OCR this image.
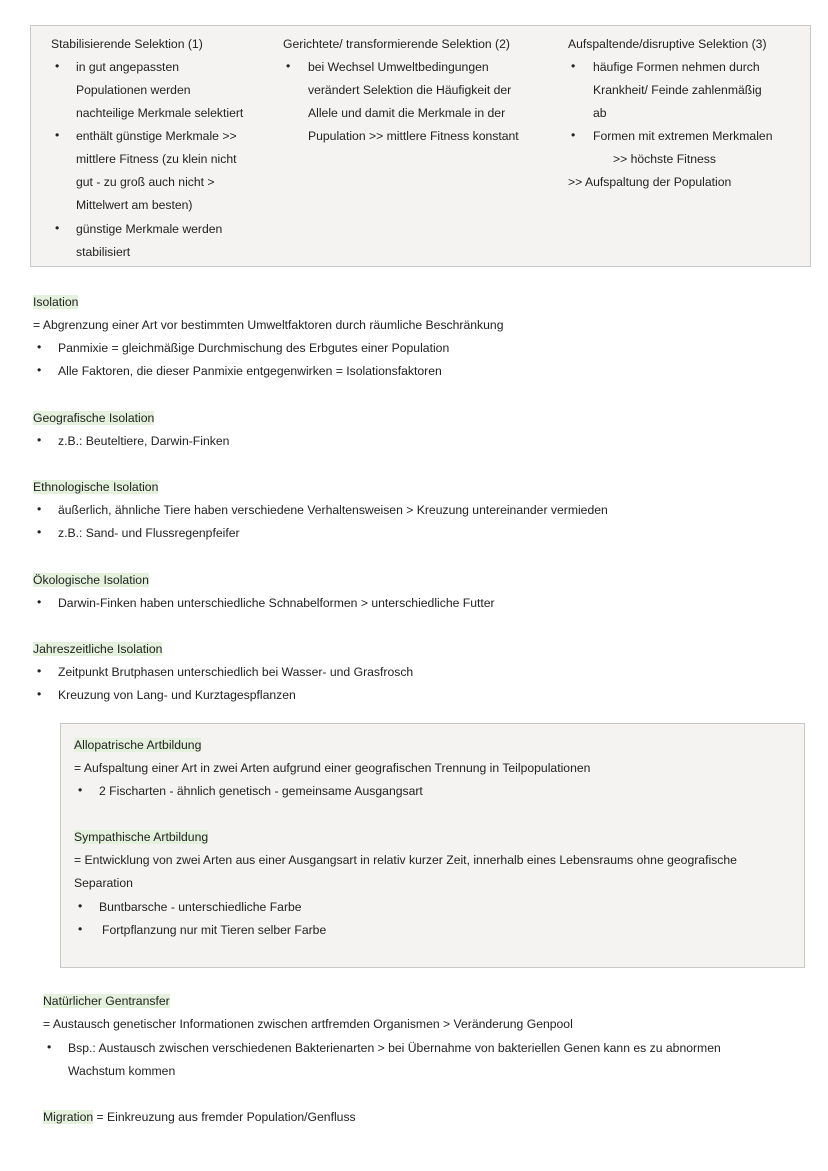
Stabilisierende Selektion (1)
• in gut angepassten
Populationen werden
nachteilige Merkmale selektiert
• enthält günstige Merkmale >>
mittlere Fitness (zu klein nicht
gut - zu groß auch nicht >
Mittelwert am besten)
• günstige Merkmale werden
stabilisiert
Gerichtete/ transformierende Selektion (2)
• bei Wechsel Umweltbedingungen
verändert Selektion die Häufigkeit der
Allele und damit die Merkmale in der
Pupulation >> mittlere Fitness konstant
Aufspaltende/disruptive Selektion (3)
• häufige Formen nehmen durch
Krankheit/ Feinde zahlenmäßig
ab
• Formen mit extremen Merkmalen
>> höchste Fitness
>> Aufspaltung der Population
Isolation
= Abgrenzung einer Art vor bestimmten Umweltfaktoren durch räumliche Beschränkung
• Panmixie = gleichmäßige Durchmischung des Erbgutes einer Population
• Alle Faktoren, die dieser Panmixie entgegenwirken = Isolationsfaktoren
Geografische Isolation
• z.B.: Beuteltiere, Darwin-Finken
Ethnologische Isolation
• äußerlich, ähnliche Tiere haben verschiedene Verhaltensweisen > Kreuzung untereinander vermieden
• z.B.: Sand- und Flussregenpfeifer
Ökologische Isolation
• Darwin-Finken haben unterschiedliche Schnabelformen > unterschiedliche Futter
Jahreszeitliche Isolation
• Zeitpunkt Brutphasen unterschiedlich bei Wasser- und Grasfrosch
• Kreuzung von Lang- und Kurztagespflanzen
Allopatrische Artbildung
= Aufspaltung einer Art in zwei Arten aufgrund einer geografischen Trennung in Teilpopulationen
• 2 Fischarten - ähnlich genetisch - gemeinsame Ausgangsart
Sympathische Artbildung
= Entwicklung von zwei Arten aus einer Ausgangsart in relativ kurzer Zeit, innerhalb eines Lebensraums ohne geografische
Separation
• Buntbarsche - unterschiedliche Farbe
• Fortpflanzung nur mit Tieren selber Farbe
Natürlicher Gentransfer
= Austausch genetischer Informationen zwischen artfremden Organismen > Veränderung Genpool
• Bsp.: Austausch zwischen verschiedenen Bakterienarten > bei Übernahme von bakteriellen Genen kann es zu abnormen
Wachstum kommen
Migration = Einkreuzung aus fremder Population/Genfluss
